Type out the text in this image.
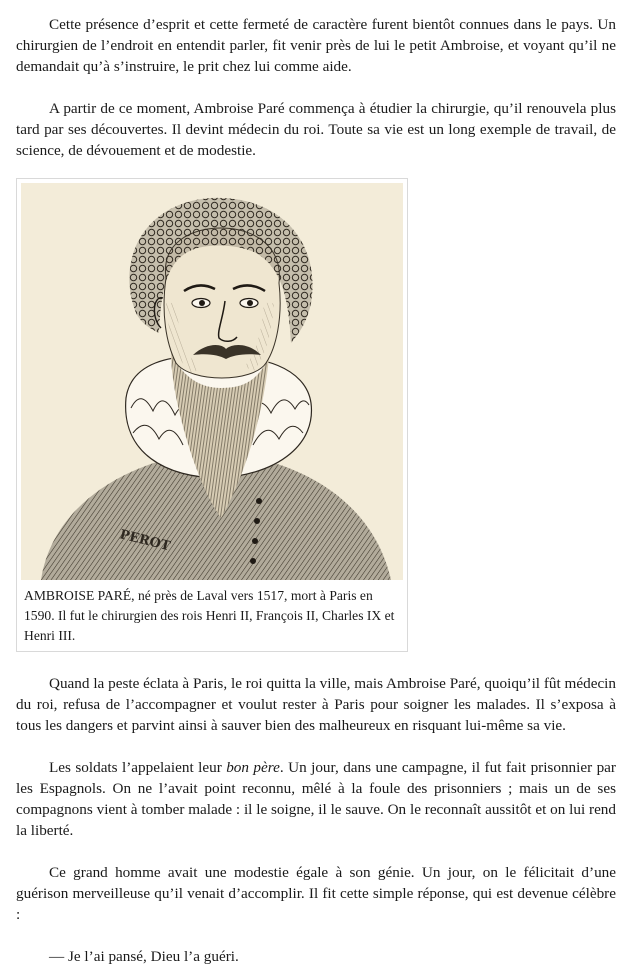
Cette présence d’esprit et cette fermeté de caractère furent bientôt connues dans le pays. Un chirurgien de l’endroit en entendit parler, fit venir près de lui le petit Ambroise, et voyant qu’il ne demandait qu’à s’instruire, le prit chez lui comme aide.

A partir de ce moment, Ambroise Paré commença à étudier la chirurgie, qu’il renouvela plus tard par ses découvertes. Il devint médecin du roi. Toute sa vie est un long exemple de travail, de science, de dévouement et de modestie.

PEROT
AMBROISE PARÉ, né près de Laval vers 1517, mort à Paris en 1590. Il fut le chirurgien des rois Henri II, François II, Charles IX et Henri III.

Quand la peste éclata à Paris, le roi quitta la ville, mais Ambroise Paré, quoiqu’il fût médecin du roi, refusa de l’accompagner et voulut rester à Paris pour soigner les malades. Il s’exposa à tous les dangers et parvint ainsi à sauver bien des malheureux en risquant lui-même sa vie.

Les soldats l’appelaient leur bon père. Un jour, dans une campagne, il fut fait prisonnier par les Espagnols. On ne l’avait point reconnu, mêlé à la foule des prisonniers ; mais un de ses compagnons vient à tomber malade : il le soigne, il le sauve. On le reconnaît aussitôt et on lui rend la liberté.

Ce grand homme avait une modestie égale à son génie. Un jour, on le félicitait d’une guérison merveilleuse qu’il venait d’accomplir. Il fit cette simple réponse, qui est devenue célèbre :

— Je l’ai pansé, Dieu l’a guéri.
